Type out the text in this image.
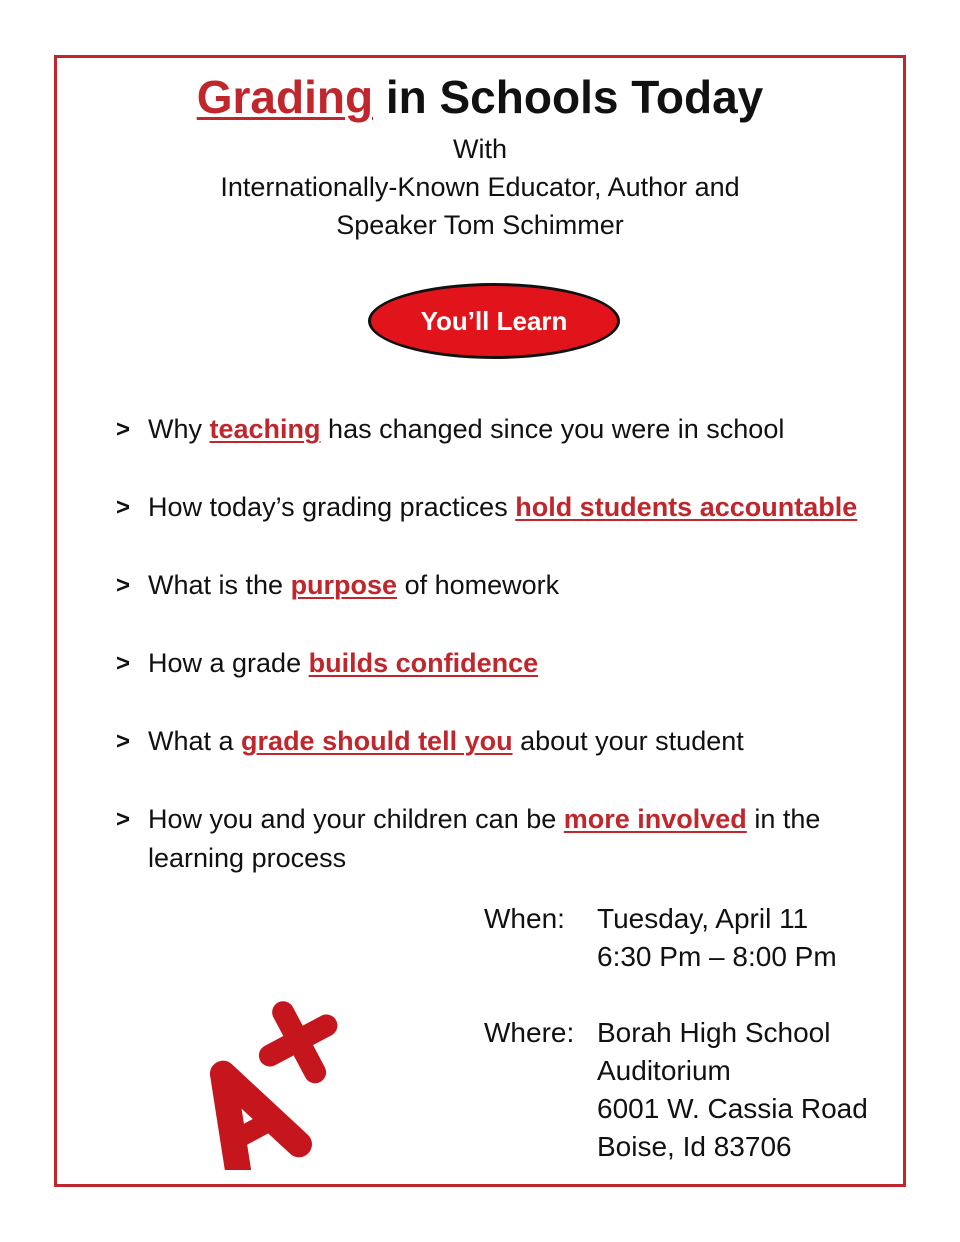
Grading in Schools Today
With
Internationally-Known Educator, Author and
Speaker Tom Schimmer
You’ll Learn
> Why teaching has changed since you were in school
> How today’s grading practices hold students accountable
> What is the purpose of homework
> How a grade builds confidence
> What a grade should tell you about your student
> How you and your children can be more involved in the learning process
When:	Tuesday, April 11
6:30 Pm – 8:00 Pm
Where: Borah High School
Auditorium
6001 W. Cassia Road
Boise, Id 83706
